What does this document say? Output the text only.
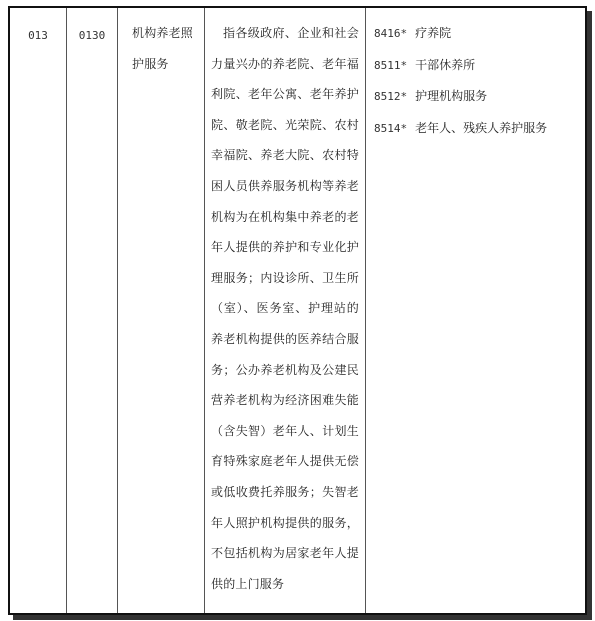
013	0130	机构养老照护服务
指各级政府、企业和社会力量兴办的养老院、老年福利院、老年公寓、老年养护院、敬老院、光荣院、农村幸福院、养老大院、农村特困人员供养服务机构等养老机构为在机构集中养老的老年人提供的养护和专业化护理服务；内设诊所、卫生所（室）、医务室、护理站的养老机构提供的医养结合服务；公办养老机构及公建民营养老机构为经济困难失能（含失智）老年人、计划生育特殊家庭老年人提供无偿或低收费托养服务；失智老年人照护机构提供的服务，不包括机构为居家老年人提供的上门服务
8416* 疗养院
8511* 干部休养所
8512* 护理机构服务
8514* 老年人、残疾人养护服务
